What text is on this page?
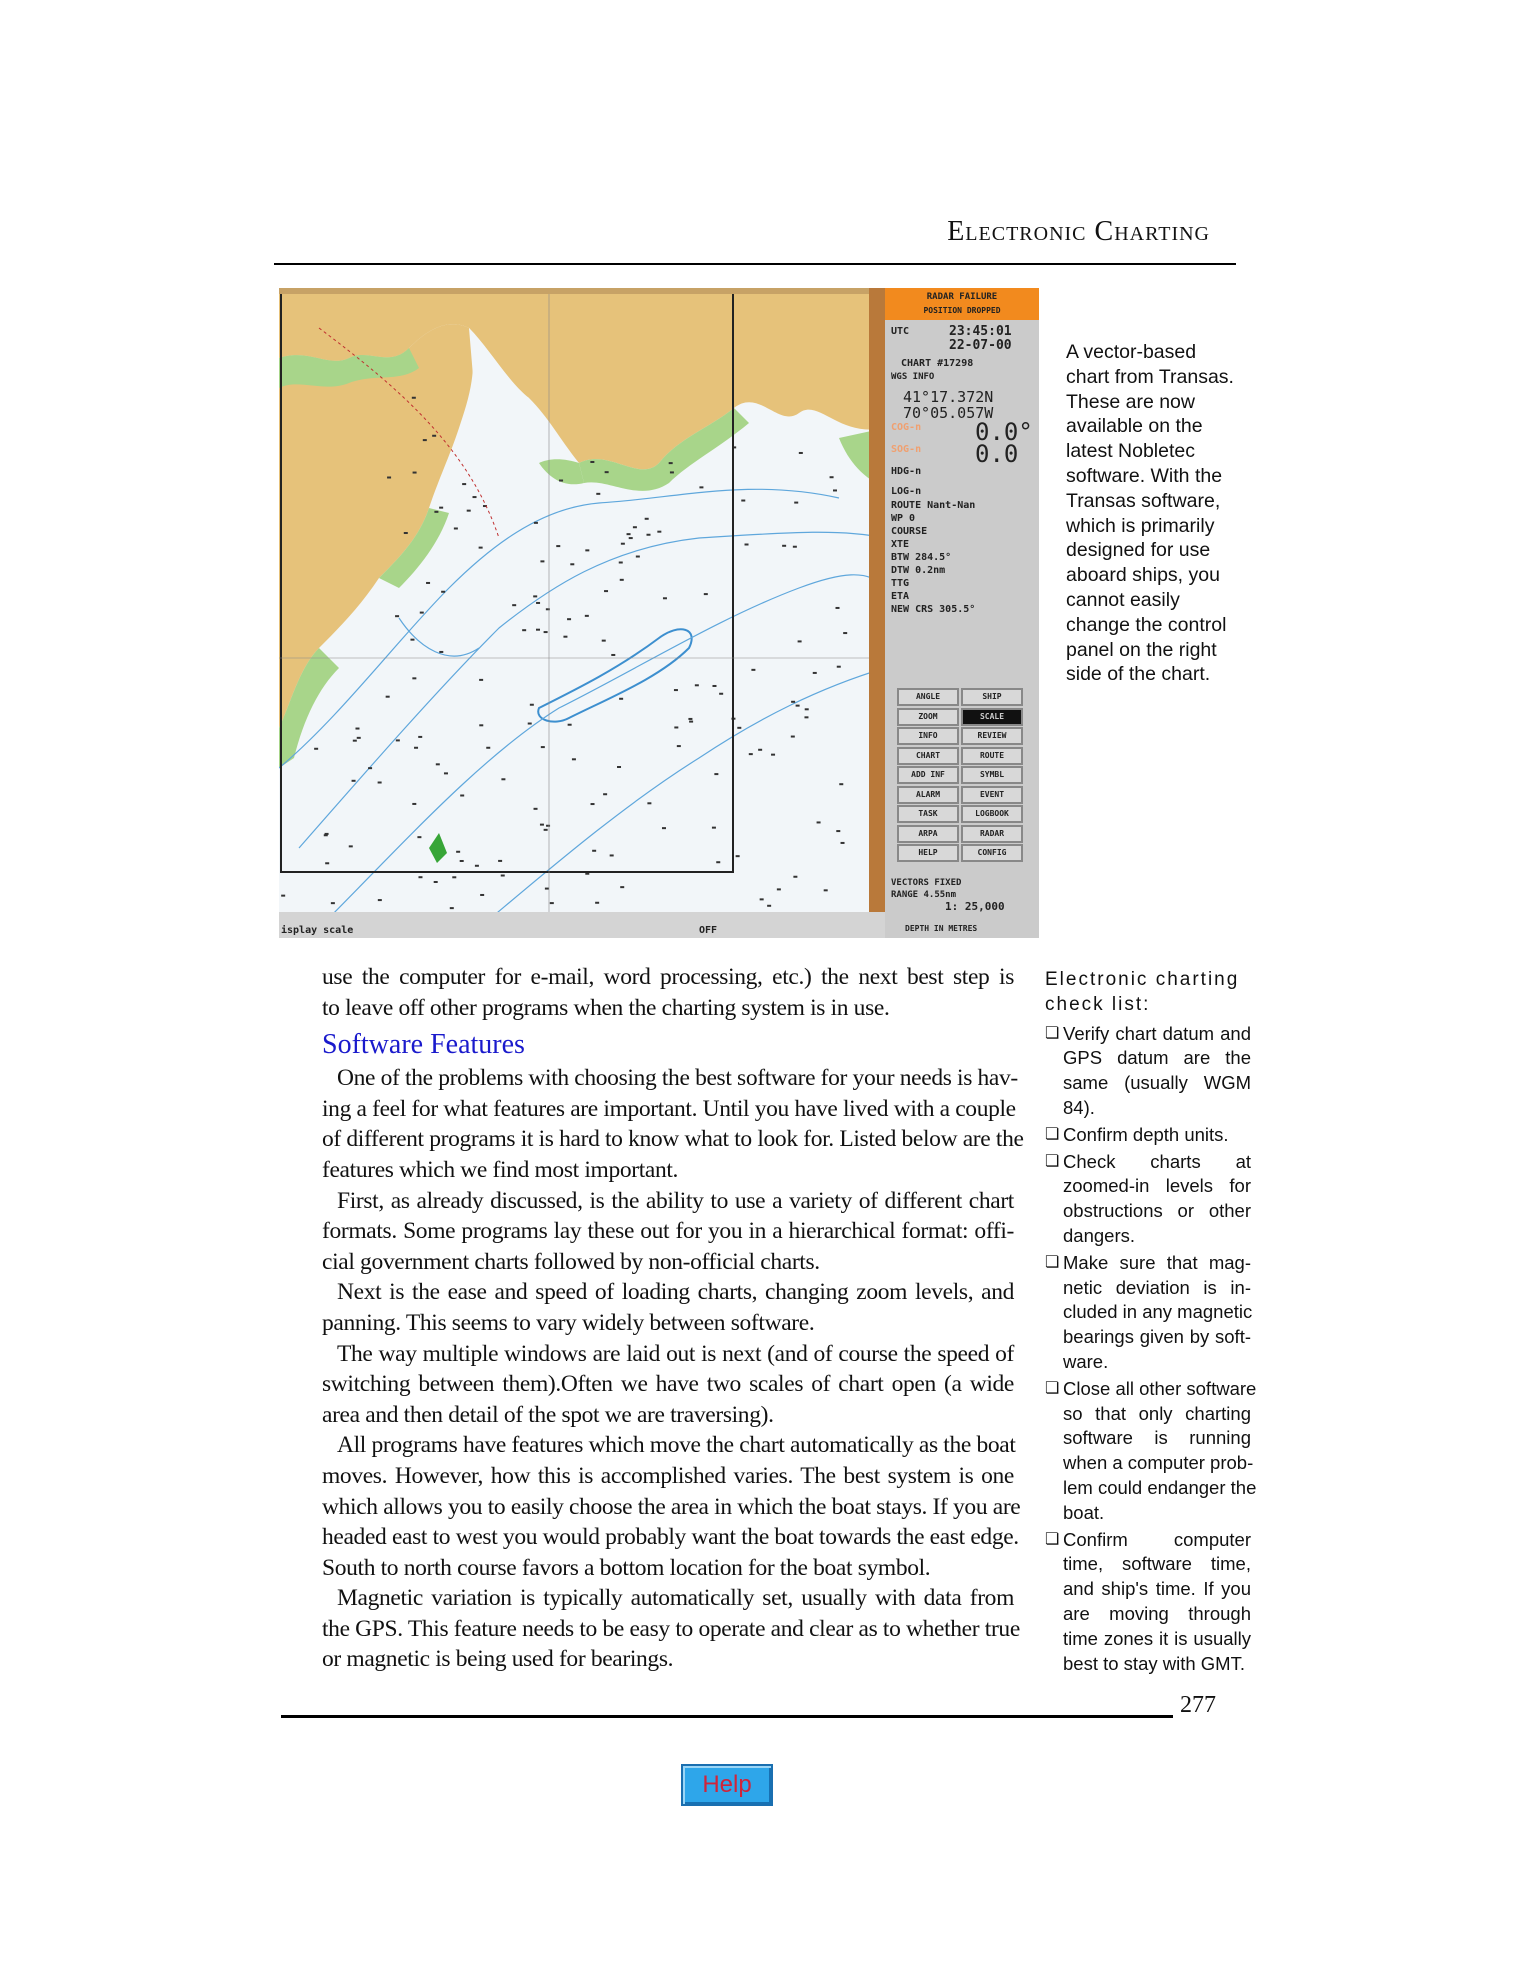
Electronic Charting
isplay scale	OFF
RADAR FAILURE
POSITION DROPPED
UTC	23:45:01
22-07-00
CHART #17298
WGS INFO
41°17.372N
70°05.057W
COG-n
SOG-n
0.0°
0.0
HDG-n
LOG-n
ROUTE Nant-Nan
WP 0
COURSE
XTE
BTW 284.5°
DTW 0.2nm
TTG
ETA
NEW CRS 305.5°
ANGLE	SHIP
ZOOM	SCALE
INFO	REVIEW
CHART	ROUTE
ADD INF	SYMBL
ALARM	EVENT
TASK	LOGBOOK
ARPA	RADAR
HELP	CONFIG
VECTORS FIXED
RANGE 4.55nm
1: 25,000
DEPTH IN METRES
A vector-based
chart from Transas.
These are now
available on the
latest Nobletec
software. With the
Transas software,
which is primarily
designed for use
aboard ships, you
cannot easily
change the control
panel on the right
side of the chart.
use the computer for e-mail, word processing, etc.) the next best step is
to leave off other programs when the charting system is in use.
Software Features
One of the problems with choosing the best software for your needs is hav-
ing a feel for what features are important. Until you have lived with a couple
of different programs it is hard to know what to look for. Listed below are the
features which we find most important.
First, as already discussed, is the ability to use a variety of different chart
formats. Some programs lay these out for you in a hierarchical format: offi-
cial government charts followed by non-official charts.
Next is the ease and speed of loading charts, changing zoom levels, and
panning. This seems to vary widely between software.
The way multiple windows are laid out is next (and of course the speed of
switching between them).Often we have two scales of chart open (a wide
area and then detail of the spot we are traversing).
All programs have features which move the chart automatically as the boat
moves. However, how this is accomplished varies. The best system is one
which allows you to easily choose the area in which the boat stays. If you are
headed east to west you would probably want the boat towards the east edge.
South to north course favors a bottom location for the boat symbol.
Magnetic variation is typically automatically set, usually with data from
the GPS. This feature needs to be easy to operate and clear as to whether true
or magnetic is being used for bearings.
Electronic charting
check list:
❏ Verify chart datum and
GPS datum are the
same (usually WGM
84).
❏ Confirm depth units.
❏ Check charts at
zoomed-in levels for
obstructions or other
dangers.
❏ Make sure that mag-
netic deviation is in-
cluded in any magnetic
bearings given by soft-
ware.
❏ Close all other software
so that only charting
software is running
when a computer prob-
lem could endanger the
boat.
❏ Confirm computer
time, software time,
and ship's time. If you
are moving through
time zones it is usually
best to stay with GMT.
277
Help
